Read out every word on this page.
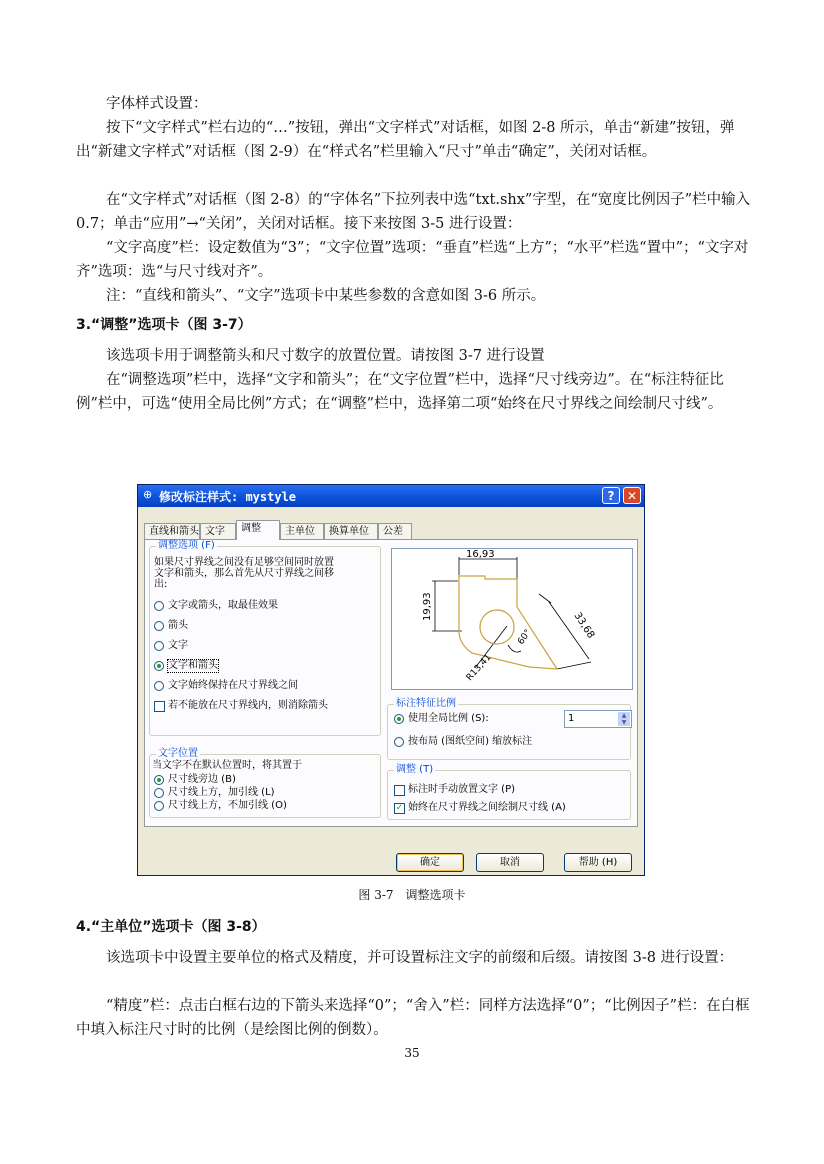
字体样式设置：

按下“文字样式”栏右边的“…”按钮，弹出“文字样式”对话框，如图 2-8 所示，单击“新建”按钮，弹出“新建文字样式”对话框（图 2-9）在“样式名”栏里输入“尺寸”单击“确定”，关闭对话框。

在“文字样式”对话框（图 2-8）的“字体名”下拉列表中选“txt.shx”字型，在“宽度比例因子”栏中输入 0.7；单击“应用”→“关闭”，关闭对话框。接下来按图 3-5 进行设置：

“文字高度”栏：设定数值为“3”；“文字位置”选项：“垂直”栏选“上方”；“水平”栏选“置中”；“文字对齐”选项：选“与尺寸线对齐”。

注：“直线和箭头”、“文字”选项卡中某些参数的含意如图 3-6 所示。

3.“调整”选项卡（图 3-7）

该选项卡用于调整箭头和尺寸数字的放置位置。请按图 3-7 进行设置

在“调整选项”栏中，选择“文字和箭头”；在“文字位置”栏中，选择“尺寸线旁边”。在“标注特征比例”栏中，可选“使用全局比例”方式；在“调整”栏中，选择第二项“始终在尺寸界线之间绘制尺寸线”。

⊕ 修改标注样式: mystyle	?	✕
直线和箭头 文字	调整	主单位	换算单位	公差
调整选项 (F)
如果尺寸界线之间没有足够空间同时放置
文字和箭头，那么首先从尺寸界线之间移
出:
文字或箭头，取最佳效果
箭头
文字
文字和箭头
文字始终保持在尺寸界线之间
若不能放在尺寸界线内，则消除箭头
文字位置
当文字不在默认位置时，将其置于
尺寸线旁边 (B)
尺寸线上方，加引线 (L)
尺寸线上方，不加引线 (O)
16,93
19,93
33,68
60°
R13,41
标注特征比例
使用全局比例 (S):	1	▲
▼
按布局 (图纸空间) 缩放标注
调整 (T)
标注时手动放置文字 (P)
✓ 始终在尺寸界线之间绘制尺寸线 (A)
确定	取消	帮助 (H)
图 3-7　调整选项卡

4.“主单位”选项卡（图 3-8）

该选项卡中设置主要单位的格式及精度，并可设置标注文字的前缀和后缀。请按图 3-8 进行设置：

“精度”栏：点击白框右边的下箭头来选择“0”；“舍入”栏：同样方法选择“0”；“比例因子”栏：在白框中填入标注尺寸时的比例（是绘图比例的倒数）。

35
